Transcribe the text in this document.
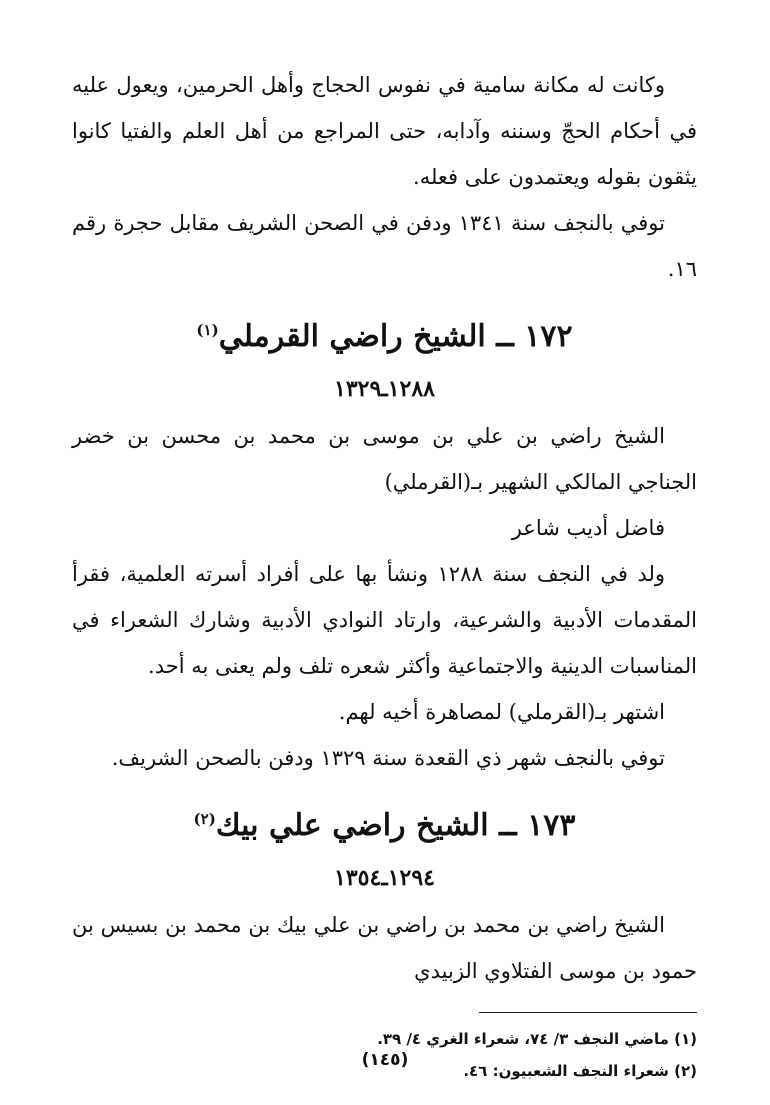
وكانت له مكانة سامية في نفوس الحجاج وأهل الحرمين، ويعول عليه في أحكام الحجّ وسننه وآدابه، حتى المراجع من أهل العلم والفتيا كانوا يثقون بقوله ويعتمدون على فعله.

توفي بالنجف سنة ١٣٤١ ودفن في الصحن الشريف مقابل حجرة رقم ١٦.

١٧٢ ــ الشيخ راضي القرملي$^{(١)}$
١٢٨٨ـ١٣٢٩

الشيخ راضي بن علي بن موسى بن محمد بن محسن بن خضر الجناجي المالكي الشهير بـ(القرملي)

فاضل أديب شاعر

ولد في النجف سنة ١٢٨٨ ونشأ بها على أفراد أسرته العلمية، فقرأ المقدمات الأدبية والشرعية، وارتاد النوادي الأدبية وشارك الشعراء في المناسبات الدينية والاجتماعية وأكثر شعره تلف ولم يعنى به أحد.

اشتهر بـ(القرملي) لمصاهرة أخيه لهم.

توفي بالنجف شهر ذي القعدة سنة ١٣٢٩ ودفن بالصحن الشريف.

١٧٣ ــ الشيخ راضي علي بيك$^{(٢)}$
١٢٩٤ـ١٣٥٤

الشيخ راضي بن محمد بن راضي بن علي بيك بن محمد بن بسيس بن حمود بن موسى الفتلاوي الزبيدي

(١) ماضي النجف ٣/ ٧٤، شعراء الغري ٤/ ٣٩.

(٢) شعراء النجف الشعبيون: ٤٦.

(١٤٥)
